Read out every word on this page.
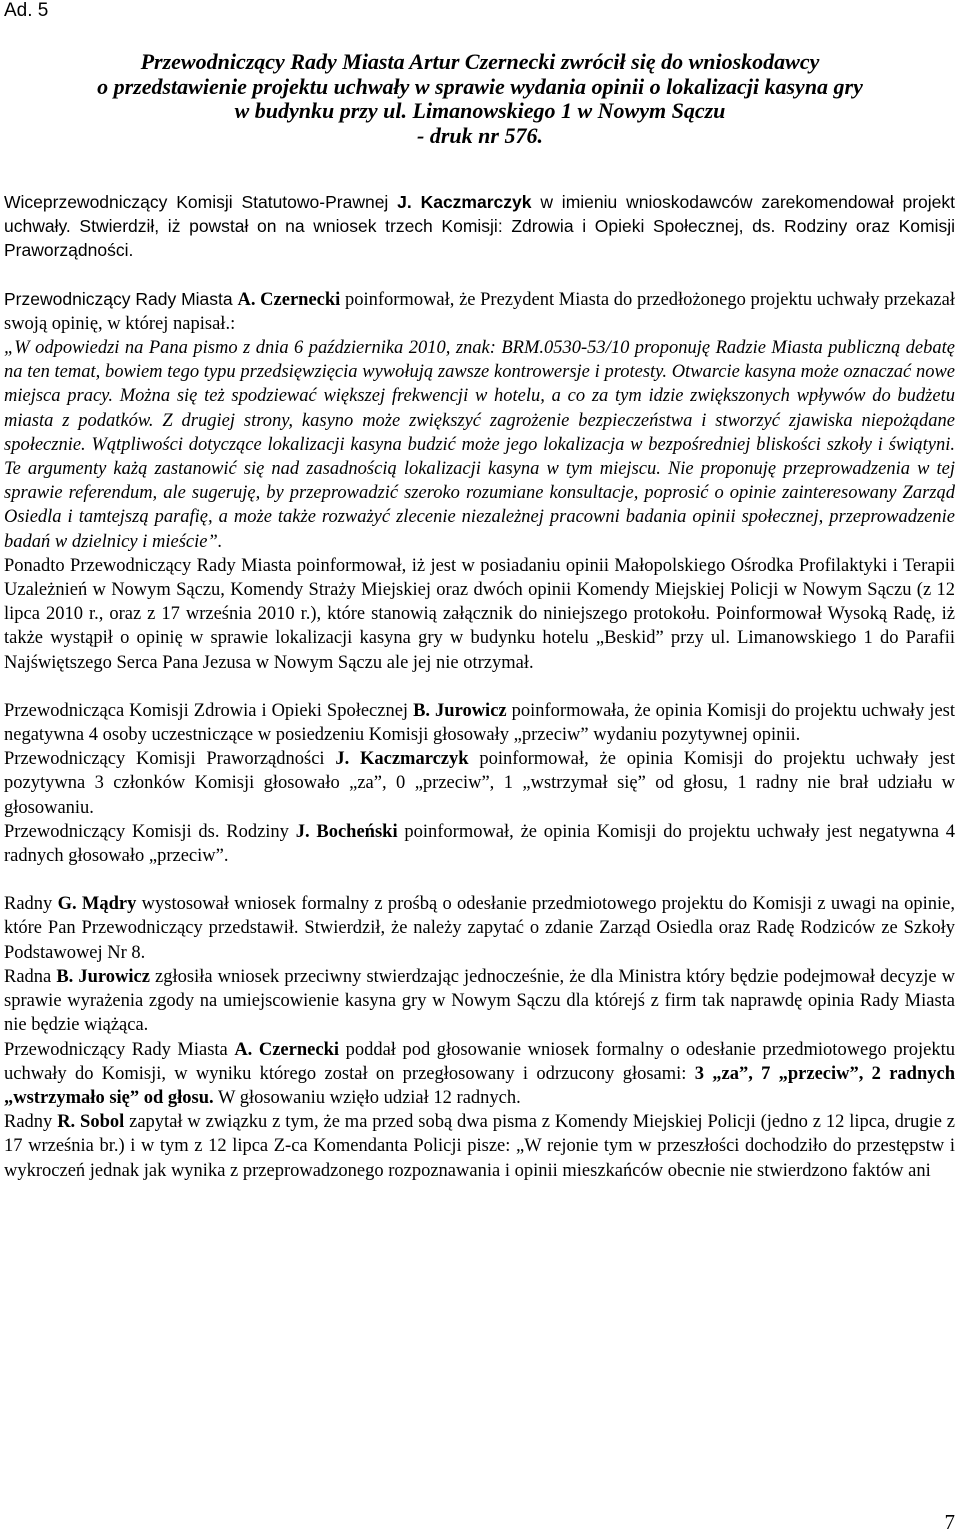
Ad. 5
Przewodniczący Rady Miasta Artur Czernecki zwrócił się do wnioskodawcy
o przedstawienie projektu uchwały w sprawie wydania opinii o lokalizacji kasyna gry
w budynku przy ul. Limanowskiego 1 w Nowym Sączu
- druk nr 576.

Wiceprzewodniczący Komisji Statutowo-Prawnej J. Kaczmarczyk w imieniu wnioskodawców zarekomendował projekt uchwały. Stwierdził, iż powstał on na wniosek trzech Komisji: Zdrowia i Opieki Społecznej, ds. Rodziny oraz Komisji Praworządności.

Przewodniczący Rady Miasta A. Czernecki poinformował, że Prezydent Miasta do przedłożonego projektu uchwały przekazał swoją opinię, w której napisał.:

„W odpowiedzi na Pana pismo z dnia 6 października 2010, znak: BRM.0530-53/10 proponuję Radzie Miasta publiczną debatę na ten temat, bowiem tego typu przedsięwzięcia wywołują zawsze kontrowersje i protesty. Otwarcie kasyna może oznaczać nowe miejsca pracy. Można się też spodziewać większej frekwencji w hotelu, a co za tym idzie zwiększonych wpływów do budżetu miasta z podatków. Z drugiej strony, kasyno może zwiększyć zagrożenie bezpieczeństwa i stworzyć zjawiska niepożądane społecznie. Wątpliwości dotyczące lokalizacji kasyna budzić może jego lokalizacja w bezpośredniej bliskości szkoły i świątyni. Te argumenty każą zastanowić się nad zasadnością lokalizacji kasyna w tym miejscu. Nie proponuję przeprowadzenia w tej sprawie referendum, ale sugeruję, by przeprowadzić szeroko rozumiane konsultacje, poprosić o opinie zainteresowany Zarząd Osiedla i tamtejszą parafię, a może także rozważyć zlecenie niezależnej pracowni badania opinii społecznej, przeprowadzenie badań w dzielnicy i mieście”.

Ponadto Przewodniczący Rady Miasta poinformował, iż jest w posiadaniu opinii Małopolskiego Ośrodka Profilaktyki i Terapii Uzależnień w Nowym Sączu, Komendy Straży Miejskiej oraz dwóch opinii Komendy Miejskiej Policji w Nowym Sączu (z 12 lipca 2010 r., oraz z 17 września 2010 r.), które stanowią załącznik do niniejszego protokołu. Poinformował Wysoką Radę, iż także wystąpił o opinię w sprawie lokalizacji kasyna gry w budynku hotelu „Beskid” przy ul. Limanowskiego 1 do Parafii Najświętszego Serca Pana Jezusa w Nowym Sączu ale jej nie otrzymał.

Przewodnicząca Komisji Zdrowia i Opieki Społecznej B. Jurowicz poinformowała, że opinia Komisji do projektu uchwały jest negatywna 4 osoby uczestniczące w posiedzeniu Komisji głosowały „przeciw” wydaniu pozytywnej opinii.

Przewodniczący Komisji Praworządności J. Kaczmarczyk poinformował, że opinia Komisji do projektu uchwały jest pozytywna 3 członków Komisji głosowało „za”, 0 „przeciw”, 1 „wstrzymał się” od głosu, 1 radny nie brał udziału w głosowaniu.

Przewodniczący Komisji ds. Rodziny J. Bocheński poinformował, że opinia Komisji do projektu uchwały jest negatywna 4 radnych głosowało „przeciw”.

Radny G. Mądry wystosował wniosek formalny z prośbą o odesłanie przedmiotowego projektu do Komisji z uwagi na opinie, które Pan Przewodniczący przedstawił. Stwierdził, że należy zapytać o zdanie Zarząd Osiedla oraz Radę Rodziców ze Szkoły Podstawowej Nr 8.

Radna B. Jurowicz zgłosiła wniosek przeciwny stwierdzając jednocześnie, że dla Ministra który będzie podejmował decyzje w sprawie wyrażenia zgody na umiejscowienie kasyna gry w Nowym Sączu dla którejś z firm tak naprawdę opinia Rady Miasta nie będzie wiążąca.

Przewodniczący Rady Miasta A. Czernecki poddał pod głosowanie wniosek formalny o odesłanie przedmiotowego projektu uchwały do Komisji, w wyniku którego został on przegłosowany i odrzucony głosami: 3 „za”, 7 „przeciw”, 2 radnych „wstrzymało się” od głosu. W głosowaniu wzięło udział 12 radnych.

Radny R. Sobol zapytał w związku z tym, że ma przed sobą dwa pisma z Komendy Miejskiej Policji (jedno z 12 lipca, drugie z 17 września br.) i w tym z 12 lipca Z-ca Komendanta Policji pisze: „W rejonie tym w przeszłości dochodziło do przestępstw i wykroczeń jednak jak wynika z przeprowadzonego rozpoznawania i opinii mieszkańców obecnie nie stwierdzono faktów ani

7
